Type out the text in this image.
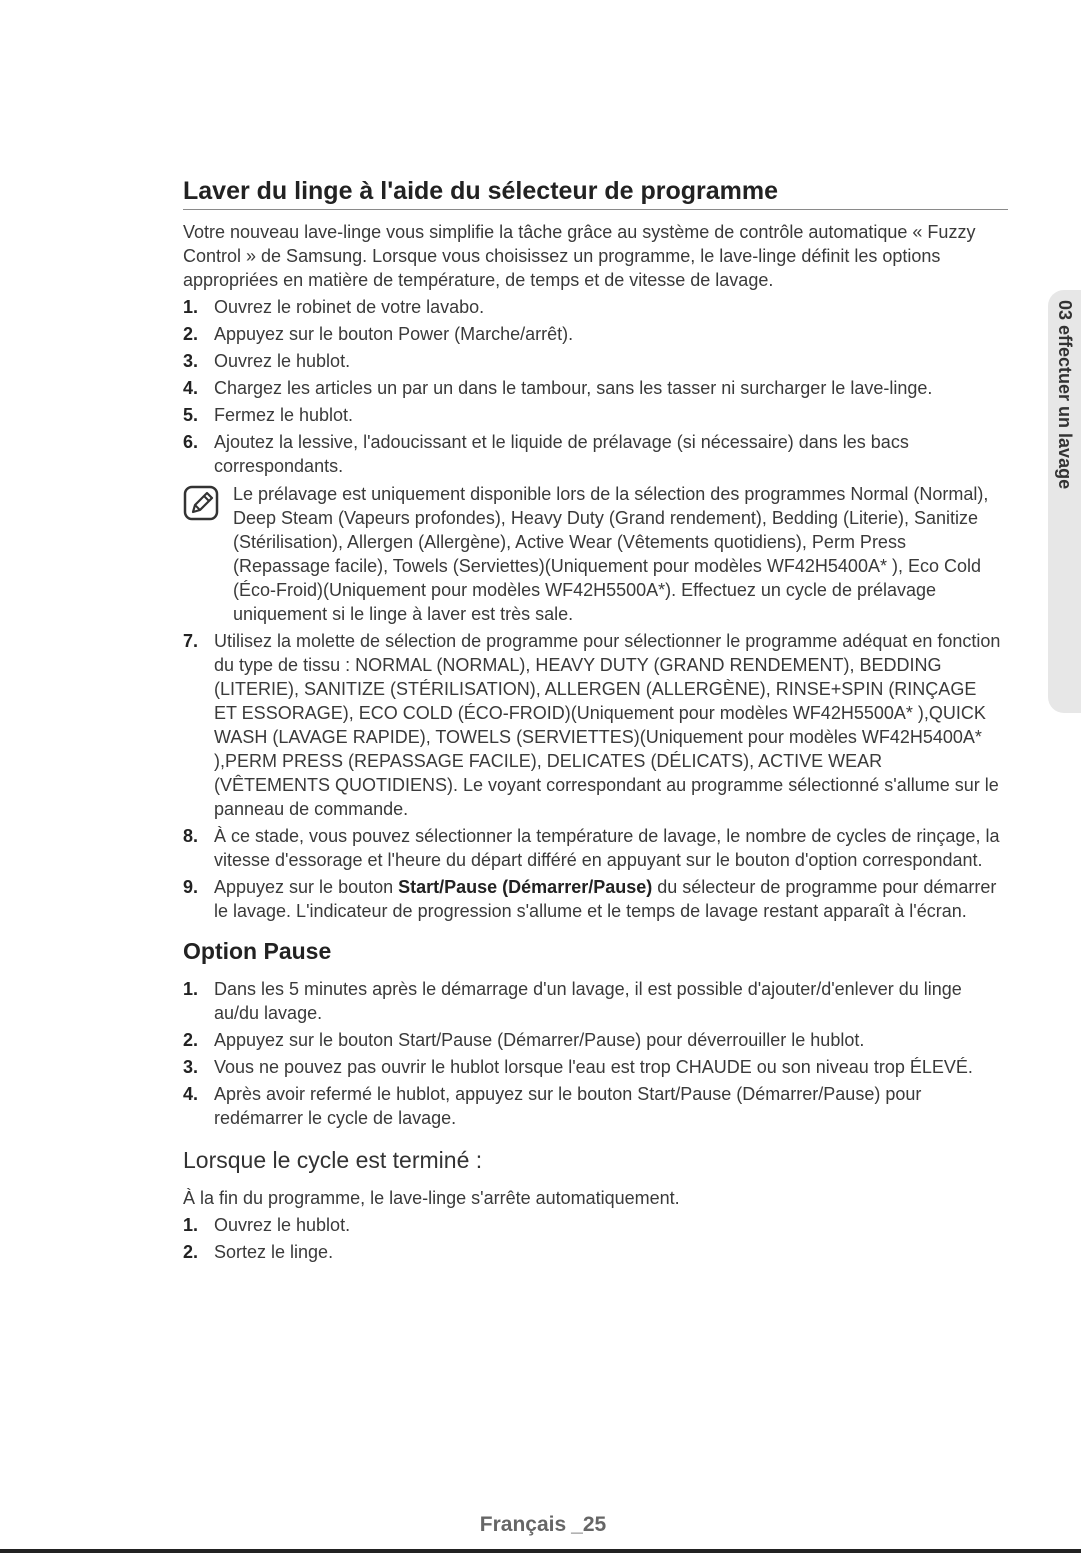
Laver du linge à l'aide du sélecteur de programme

Votre nouveau lave-linge vous simplifie la tâche grâce au système de contrôle automatique « Fuzzy Control » de Samsung. Lorsque vous choisissez un programme, le lave-linge définit les options appropriées en matière de température, de temps et de vitesse de lavage.

1. Ouvrez le robinet de votre lavabo.
2. Appuyez sur le bouton Power (Marche/arrêt).
3. Ouvrez le hublot.
4. Chargez les articles un par un dans le tambour, sans les tasser ni surcharger le lave-linge.
5. Fermez le hublot.
6. Ajoutez la lessive, l'adoucissant et le liquide de prélavage (si nécessaire) dans les bacs correspondants.

Le prélavage est uniquement disponible lors de la sélection des programmes Normal (Normal), Deep Steam (Vapeurs profondes), Heavy Duty (Grand rendement), Bedding (Literie), Sanitize (Stérilisation), Allergen (Allergène), Active Wear (Vêtements quotidiens), Perm Press (Repassage facile), Towels (Serviettes)(Uniquement pour modèles WF42H5400A* ), Eco Cold (Éco-Froid)(Uniquement pour modèles WF42H5500A*). Effectuez un cycle de prélavage uniquement si le linge à laver est très sale.

7. Utilisez la molette de sélection de programme pour sélectionner le programme adéquat en fonction du type de tissu : NORMAL (NORMAL), HEAVY DUTY (GRAND RENDEMENT), BEDDING (LITERIE), SANITIZE (STÉRILISATION), ALLERGEN (ALLERGÈNE), RINSE+SPIN (RINÇAGE ET ESSORAGE), ECO COLD (ÉCO-FROID)(Uniquement pour modèles WF42H5500A* ),QUICK WASH (LAVAGE RAPIDE), TOWELS (SERVIETTES)(Uniquement pour modèles WF42H5400A* ),PERM PRESS (REPASSAGE FACILE), DELICATES (DÉLICATS), ACTIVE WEAR (VÊTEMENTS QUOTIDIENS). Le voyant correspondant au programme sélectionné s'allume sur le panneau de commande.
8. À ce stade, vous pouvez sélectionner la température de lavage, le nombre de cycles de rinçage, la vitesse d'essorage et l'heure du départ différé en appuyant sur le bouton d'option correspondant.
9. Appuyez sur le bouton Start/Pause (Démarrer/Pause) du sélecteur de programme pour démarrer le lavage. L'indicateur de progression s'allume et le temps de lavage restant apparaît à l'écran.
Option Pause
1. Dans les 5 minutes après le démarrage d'un lavage, il est possible d'ajouter/d'enlever du linge au/du lavage.
2. Appuyez sur le bouton Start/Pause (Démarrer/Pause) pour déverrouiller le hublot.
3. Vous ne pouvez pas ouvrir le hublot lorsque l'eau est trop CHAUDE ou son niveau trop ÉLEVÉ.
4. Après avoir refermé le hublot, appuyez sur le bouton Start/Pause (Démarrer/Pause) pour redémarrer le cycle de lavage.
Lorsque le cycle est terminé :

À la fin du programme, le lave-linge s'arrête automatiquement.

1. Ouvrez le hublot.
2. Sortez le linge.
03 effectuer un lavage
Français _25
